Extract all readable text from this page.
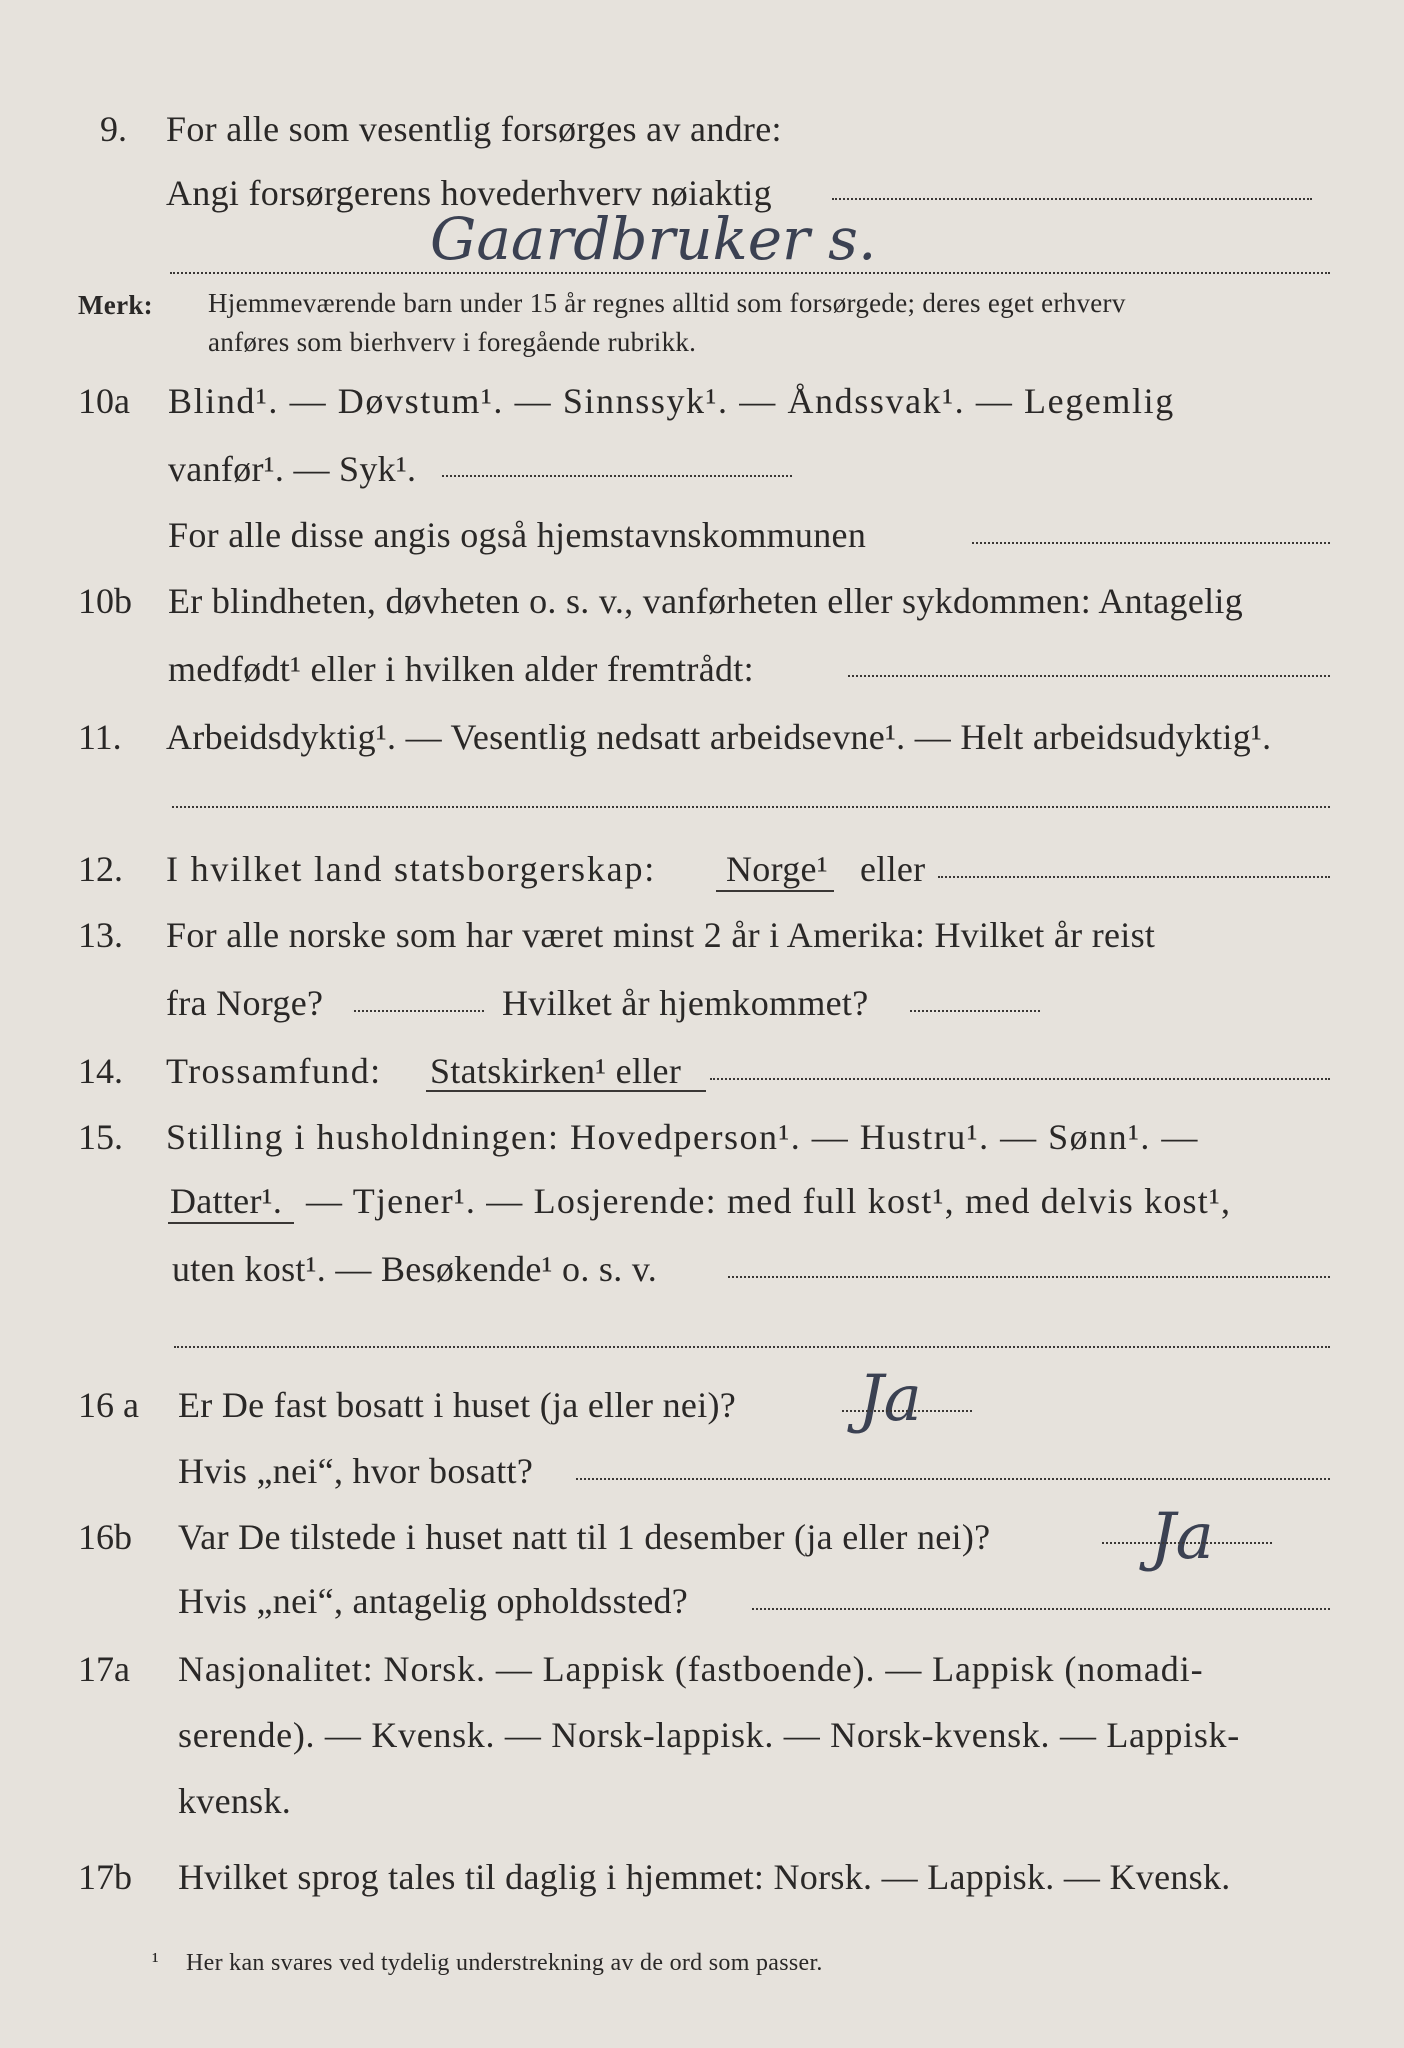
9. For alle som vesentlig forsørges av andre:
Angi forsørgerens hovederhverv nøiaktig
Gaardbruker s.
Merk: Hjemmeværende barn under 15 år regnes alltid som forsørgede; deres eget erhverv
anføres som bierhverv i foregående rubrikk.
10a Blind¹. — Døvstum¹. — Sinnssyk¹. — Åndssvak¹. — Legemlig
vanfør¹. — Syk¹.
For alle disse angis også hjemstavnskommunen
10b Er blindheten, døvheten o. s. v., vanførheten eller sykdommen: Antagelig
medfødt¹ eller i hvilken alder fremtrådt:
11. Arbeidsdyktig¹. — Vesentlig nedsatt arbeidsevne¹. — Helt arbeidsudyktig¹.
12. I hvilket land statsborgerskap: Norge¹ eller
13. For alle norske som har været minst 2 år i Amerika: Hvilket år reist
fra Norge?	Hvilket år hjemkommet?
14. Trossamfund: Statskirken¹ eller
15. Stilling i husholdningen: Hovedperson¹. — Hustru¹. — Sønn¹. —
Datter¹. — Tjener¹. — Losjerende: med full kost¹, med delvis kost¹,
uten kost¹. — Besøkende¹ o. s. v.
16 a Er De fast bosatt i huset (ja eller nei)? Ja
Hvis „nei“, hvor bosatt?
16b Var De tilstede i huset natt til 1 desember (ja eller nei)? Ja
Hvis „nei“, antagelig opholdssted?
17a Nasjonalitet: Norsk. — Lappisk (fastboende). — Lappisk (nomadi-
serende). — Kvensk. — Norsk-lappisk. — Norsk-kvensk. — Lappisk-
kvensk.
17b Hvilket sprog tales til daglig i hjemmet: Norsk. — Lappisk. — Kvensk.
¹ Her kan svares ved tydelig understrekning av de ord som passer.
